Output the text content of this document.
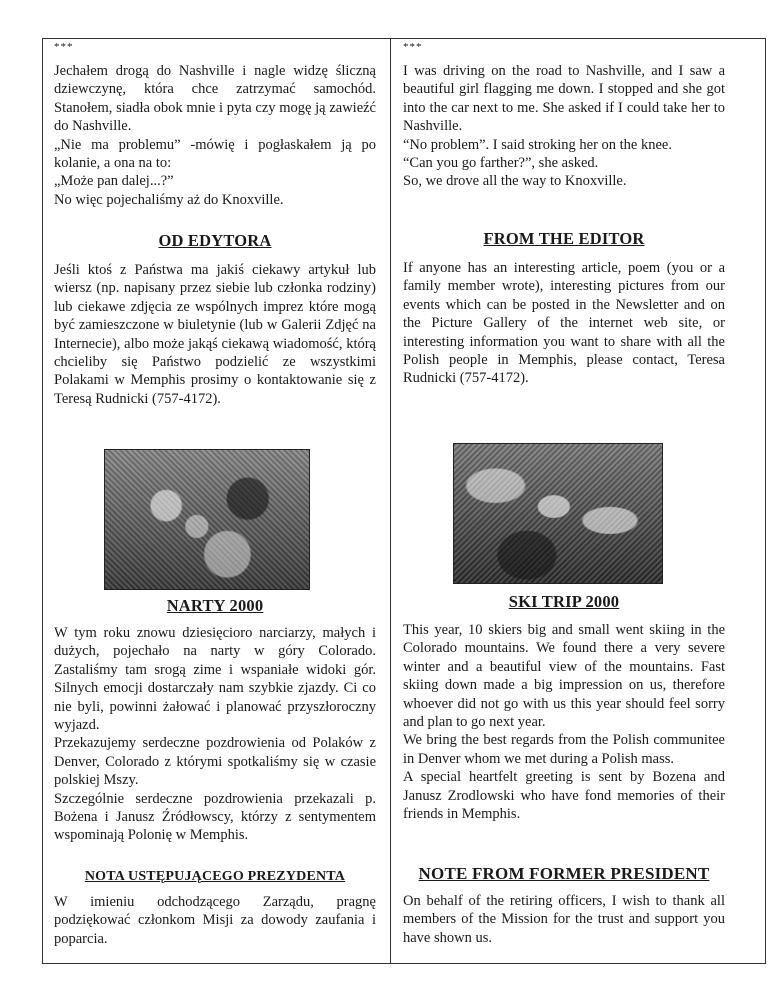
***

Jechałem drogą do Nashville i nagle widzę śliczną dziewczynę, która chce zatrzymać samochód. Stanołem, siadła obok mnie i pyta czy mogę ją zawieźć do Nashville.

„Nie ma problemu” -mówię i pogłaskałem ją po kolanie, a ona na to:

„Może pan dalej...?”

No więc pojechaliśmy aż do Knoxville.

***

I was driving on the road to Nashville, and I saw a beautiful girl flagging me down. I stopped and she got into the car next to me. She asked if I could take her to Nashville.

“No problem”. I said stroking her on the knee.

“Can you go farther?”, she asked.

So, we drove all the way to Knoxville.

OD EDYTORA	FROM THE EDITOR

Jeśli ktoś z Państwa ma jakiś ciekawy artykuł lub wiersz (np. napisany przez siebie lub członka rodziny) lub ciekawe zdjęcia ze wspólnych imprez które mogą być zamieszczone w biuletynie (lub w Galerii Zdjęć na Internecie), albo może jakąś ciekawą wiadomość, którą chcieliby się Państwo podzielić ze wszystkimi Polakami w Memphis prosimy o kontaktowanie się z Teresą Rudnicki (757-4172).

If anyone has an interesting article, poem (you or a family member wrote), interesting pictures from our events which can be posted in the Newsletter and on the Picture Gallery of the internet web site, or interesting information you want to share with all the Polish people in Memphis, please contact, Teresa Rudnicki (757-4172).

NARTY 2000	SKI TRIP 2000

W tym roku znowu dziesięcioro narciarzy, małych i dużych, pojechało na narty w góry Colorado. Zastaliśmy tam srogą zime i wspaniałe widoki gór. Silnych emocji dostarczały nam szybkie zjazdy. Ci co nie byli, powinni żałować i planować przyszłoroczny wyjazd.

Przekazujemy serdeczne pozdrowienia od Polaków z Denver, Colorado z którymi spotkaliśmy się w czasie polskiej Mszy.

Szczególnie serdeczne pozdrowienia przekazali p. Bożena i Janusz Źródłowscy, którzy z sentymentem wspominają Polonię w Memphis.

This year, 10 skiers big and small went skiing in the Colorado mountains. We found there a very severe winter and a beautiful view of the mountains. Fast skiing down made a big impression on us, therefore whoever did not go with us this year should feel sorry and plan to go next year.

We bring the best regards from the Polish communitee in Denver whom we met during a Polish mass.

A special heartfelt greeting is sent by Bozena and Janusz Zrodlowski who have fond memories of their friends in Memphis.

NOTA USTĘPUJĄCEGO PREZYDENTA	NOTE FROM FORMER PRESIDENT

W imieniu odchodzącego Zarządu, pragnę podziękować członkom Misji za dowody zaufania i poparcia.

On behalf of the retiring officers, I wish to thank all members of the Mission for the trust and support you have shown us.
